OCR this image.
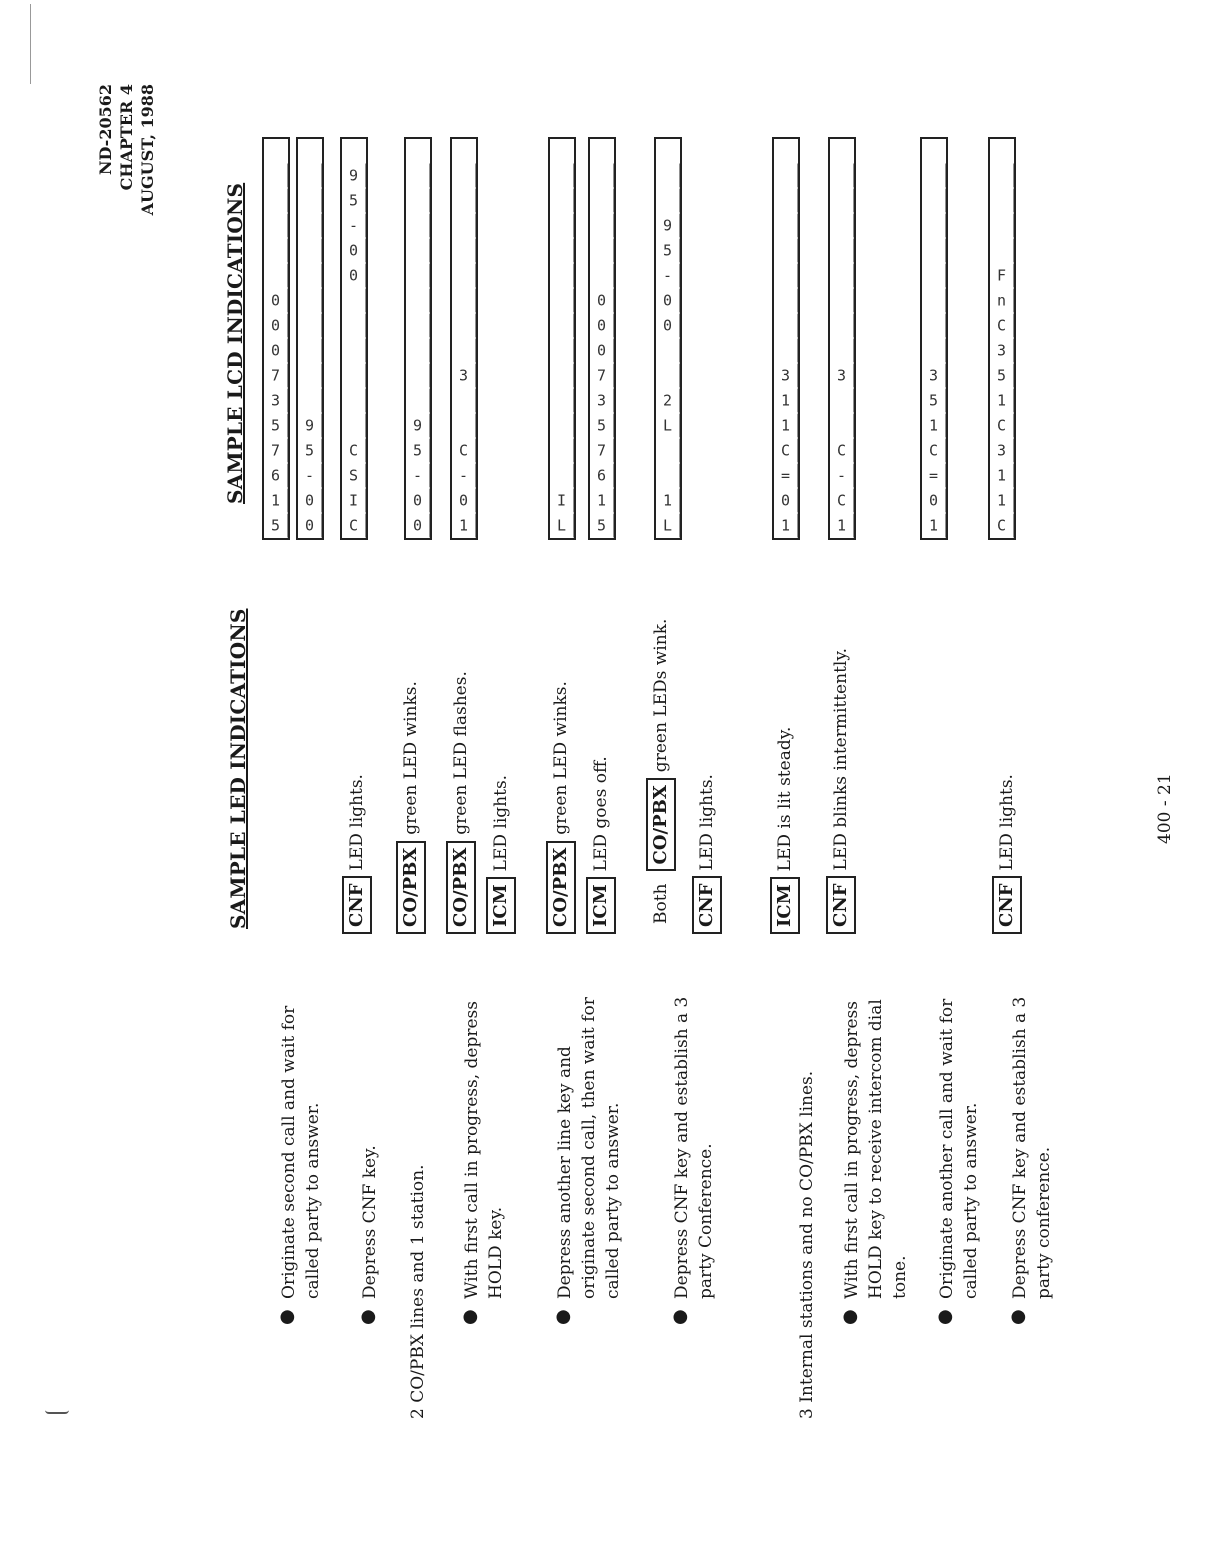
ND-20562 CHAPTER 4 AUGUST, 1988
SAMPLE LED INDICATIONS
SAMPLE LCD INDICATIONS
●
Originate second call and wait for called party to answer.
●
Depress CNF key. 2 CO/PBX lines and 1 station. ●
With first call in progress, depress HOLD key.
●
Depress another line key and originate second call, then wait for called party to answer.
●
Depress CNF key and establish a 3 party Conference.	3 Internal stations and no CO/PBX lines. ●
With first call in progress, depress HOLD key to receive intercom dial tone.
●
Originate another call and wait for called party to answer.
●
Depress CNF key and establish a 3 party conference.
CNFLED lights.
CO/PBXgreen LED winks.
CO/PBXgreen LED flashes.
ICMLED lights.
CO/PBXgreen LED winks.
ICMLED goes off.
BothCO/PBXgreen LEDs wink.
CNFLED lights.
ICMLED is lit steady.
CNFLED blinks intermittently.
CNFLED lights.
5
1
6
7
5
3
7
0
0
0
0
0
-
5
9
C
I
S
C
0
0
-
5
9
0
0
-
5
9
1
0
-
C
3
L
I
5
1
6
7
5
3
7
0
0
0
L
1
L
2
0
0
-
5
9
1
0
=
C
1
1
3
1
C
-
C
3
1
0
=
C
1
5
3
C
1
1
3
C
1
5
3
C
n
F
400 - 21
